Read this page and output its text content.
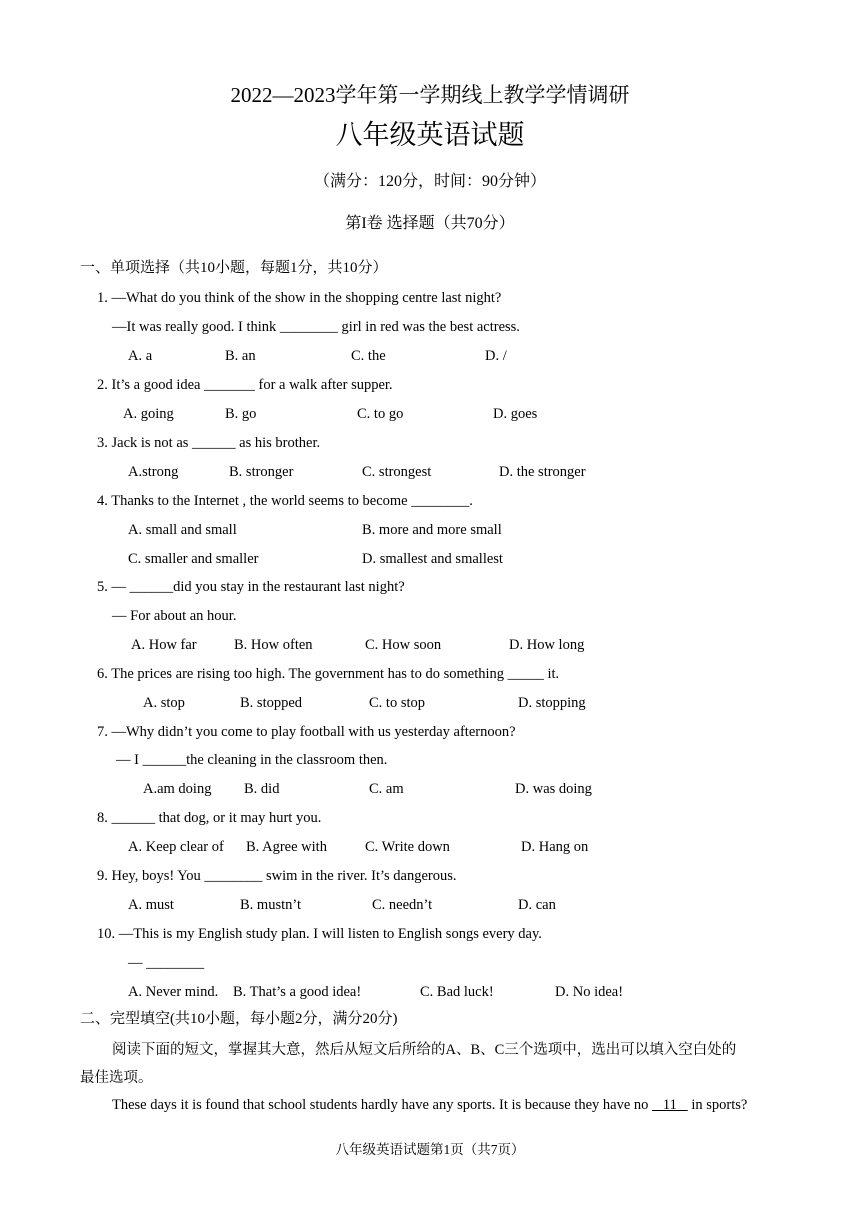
2022—2023学年第一学期线上教学学情调研
八年级英语试题
（满分：120分，时间：90分钟）
第I卷 选择题（共70分）
一、单项选择（共10小题，每题1分，共10分）
1. —What do you think of the show in the shopping centre last night?
—It was really good. I think ________ girl in red was the best actress.
A. a	B. an	C. the	D. /
2. It’s a good idea _______ for a walk after supper.
A. going	B. go	C. to go	D. goes
3. Jack is not as ______ as his brother.
A.strong	B. stronger	C. strongest	D. the stronger
4. Thanks to the Internet , the world seems to become ________.
A. small and small	B. more and more small
C. smaller and smaller	D. smallest and smallest
5. — ______did you stay in the restaurant last night?
— For about an hour.
A. How far	B. How often	C. How soon	D. How long
6. The prices are rising too high. The government has to do something _____ it.
A. stop	B. stopped	C. to stop	D. stopping
7. —Why didn’t you come to play football with us yesterday afternoon?
— I ______the cleaning in the classroom then.
A.am doing B. did	C. am	D. was doing
8. ______ that dog, or it may hurt you.
A. Keep clear of B. Agree with	C. Write down	D. Hang on
9. Hey, boys! You ________ swim in the river. It’s dangerous.
A. must	B. mustn’t	C. needn’t	D. can
10. —This is my English study plan. I will listen to English songs every day.
— ________
A. Never mind. B. That’s a good idea!	C. Bad luck!	D. No idea!
二、完型填空(共10小题，每小题2分，满分20分)
阅读下面的短文，掌握其大意，然后从短文后所给的A、B、C三个选项中，选出可以填入空白处的
最佳选项。
These days it is found that school students hardly have any sports. It is because they have no    11    in sports?
八年级英语试题第1页（共7页）
